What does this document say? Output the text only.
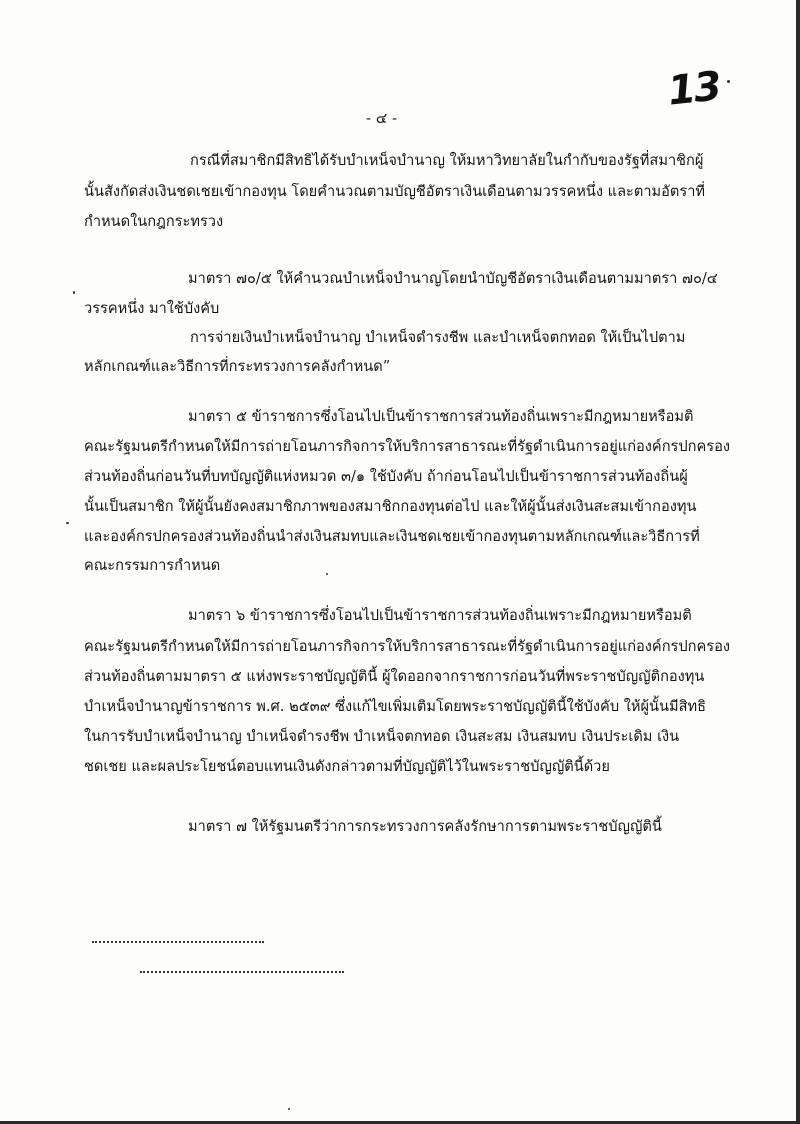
13
- ๔ -
กรณีที่สมาชิกมีสิทธิได้รับบำเหน็จบำนาญ ให้มหาวิทยาลัยในกำกับของรัฐที่สมาชิกผู้
นั้นสังกัดส่งเงินชดเชยเข้ากองทุน โดยคำนวณตามบัญชีอัตราเงินเดือนตามวรรคหนึ่ง และตามอัตราที่
กำหนดในกฎกระทรวง
มาตรา ๗๐/๕ ให้คำนวณบำเหน็จบำนาญโดยนำบัญชีอัตราเงินเดือนตามมาตรา ๗๐/๔
วรรคหนึ่ง มาใช้บังคับ
การจ่ายเงินบำเหน็จบำนาญ บำเหน็จดำรงชีพ และบำเหน็จตกทอด ให้เป็นไปตาม
หลักเกณฑ์และวิธีการที่กระทรวงการคลังกำหนด”
มาตรา ๕ ข้าราชการซึ่งโอนไปเป็นข้าราชการส่วนท้องถิ่นเพราะมีกฎหมายหรือมติ
คณะรัฐมนตรีกำหนดให้มีการถ่ายโอนภารกิจการให้บริการสาธารณะที่รัฐดำเนินการอยู่แก่องค์กรปกครอง
ส่วนท้องถิ่นก่อนวันที่บทบัญญัติแห่งหมวด ๓/๑ ใช้บังคับ ถ้าก่อนโอนไปเป็นข้าราชการส่วนท้องถิ่นผู้
นั้นเป็นสมาชิก ให้ผู้นั้นยังคงสมาชิกภาพของสมาชิกกองทุนต่อไป และให้ผู้นั้นส่งเงินสะสมเข้ากองทุน
และองค์กรปกครองส่วนท้องถิ่นนำส่งเงินสมทบและเงินชดเชยเข้ากองทุนตามหลักเกณฑ์และวิธีการที่
คณะกรรมการกำหนด
มาตรา ๖ ข้าราชการซึ่งโอนไปเป็นข้าราชการส่วนท้องถิ่นเพราะมีกฎหมายหรือมติ
คณะรัฐมนตรีกำหนดให้มีการถ่ายโอนภารกิจการให้บริการสาธารณะที่รัฐดำเนินการอยู่แก่องค์กรปกครอง
ส่วนท้องถิ่นตามมาตรา ๕ แห่งพระราชบัญญัตินี้ ผู้ใดออกจากราชการก่อนวันที่พระราชบัญญัติกองทุน
บำเหน็จบำนาญข้าราชการ พ.ศ. ๒๕๓๙ ซึ่งแก้ไขเพิ่มเติมโดยพระราชบัญญัตินี้ใช้บังคับ ให้ผู้นั้นมีสิทธิ
ในการรับบำเหน็จบำนาญ บำเหน็จดำรงชีพ บำเหน็จตกทอด เงินสะสม เงินสมทบ เงินประเดิม เงิน
ชดเชย และผลประโยชน์ตอบแทนเงินดังกล่าวตามที่บัญญัติไว้ในพระราชบัญญัตินี้ด้วย
มาตรา ๗ ให้รัฐมนตรีว่าการกระทรวงการคลังรักษาการตามพระราชบัญญัตินี้
